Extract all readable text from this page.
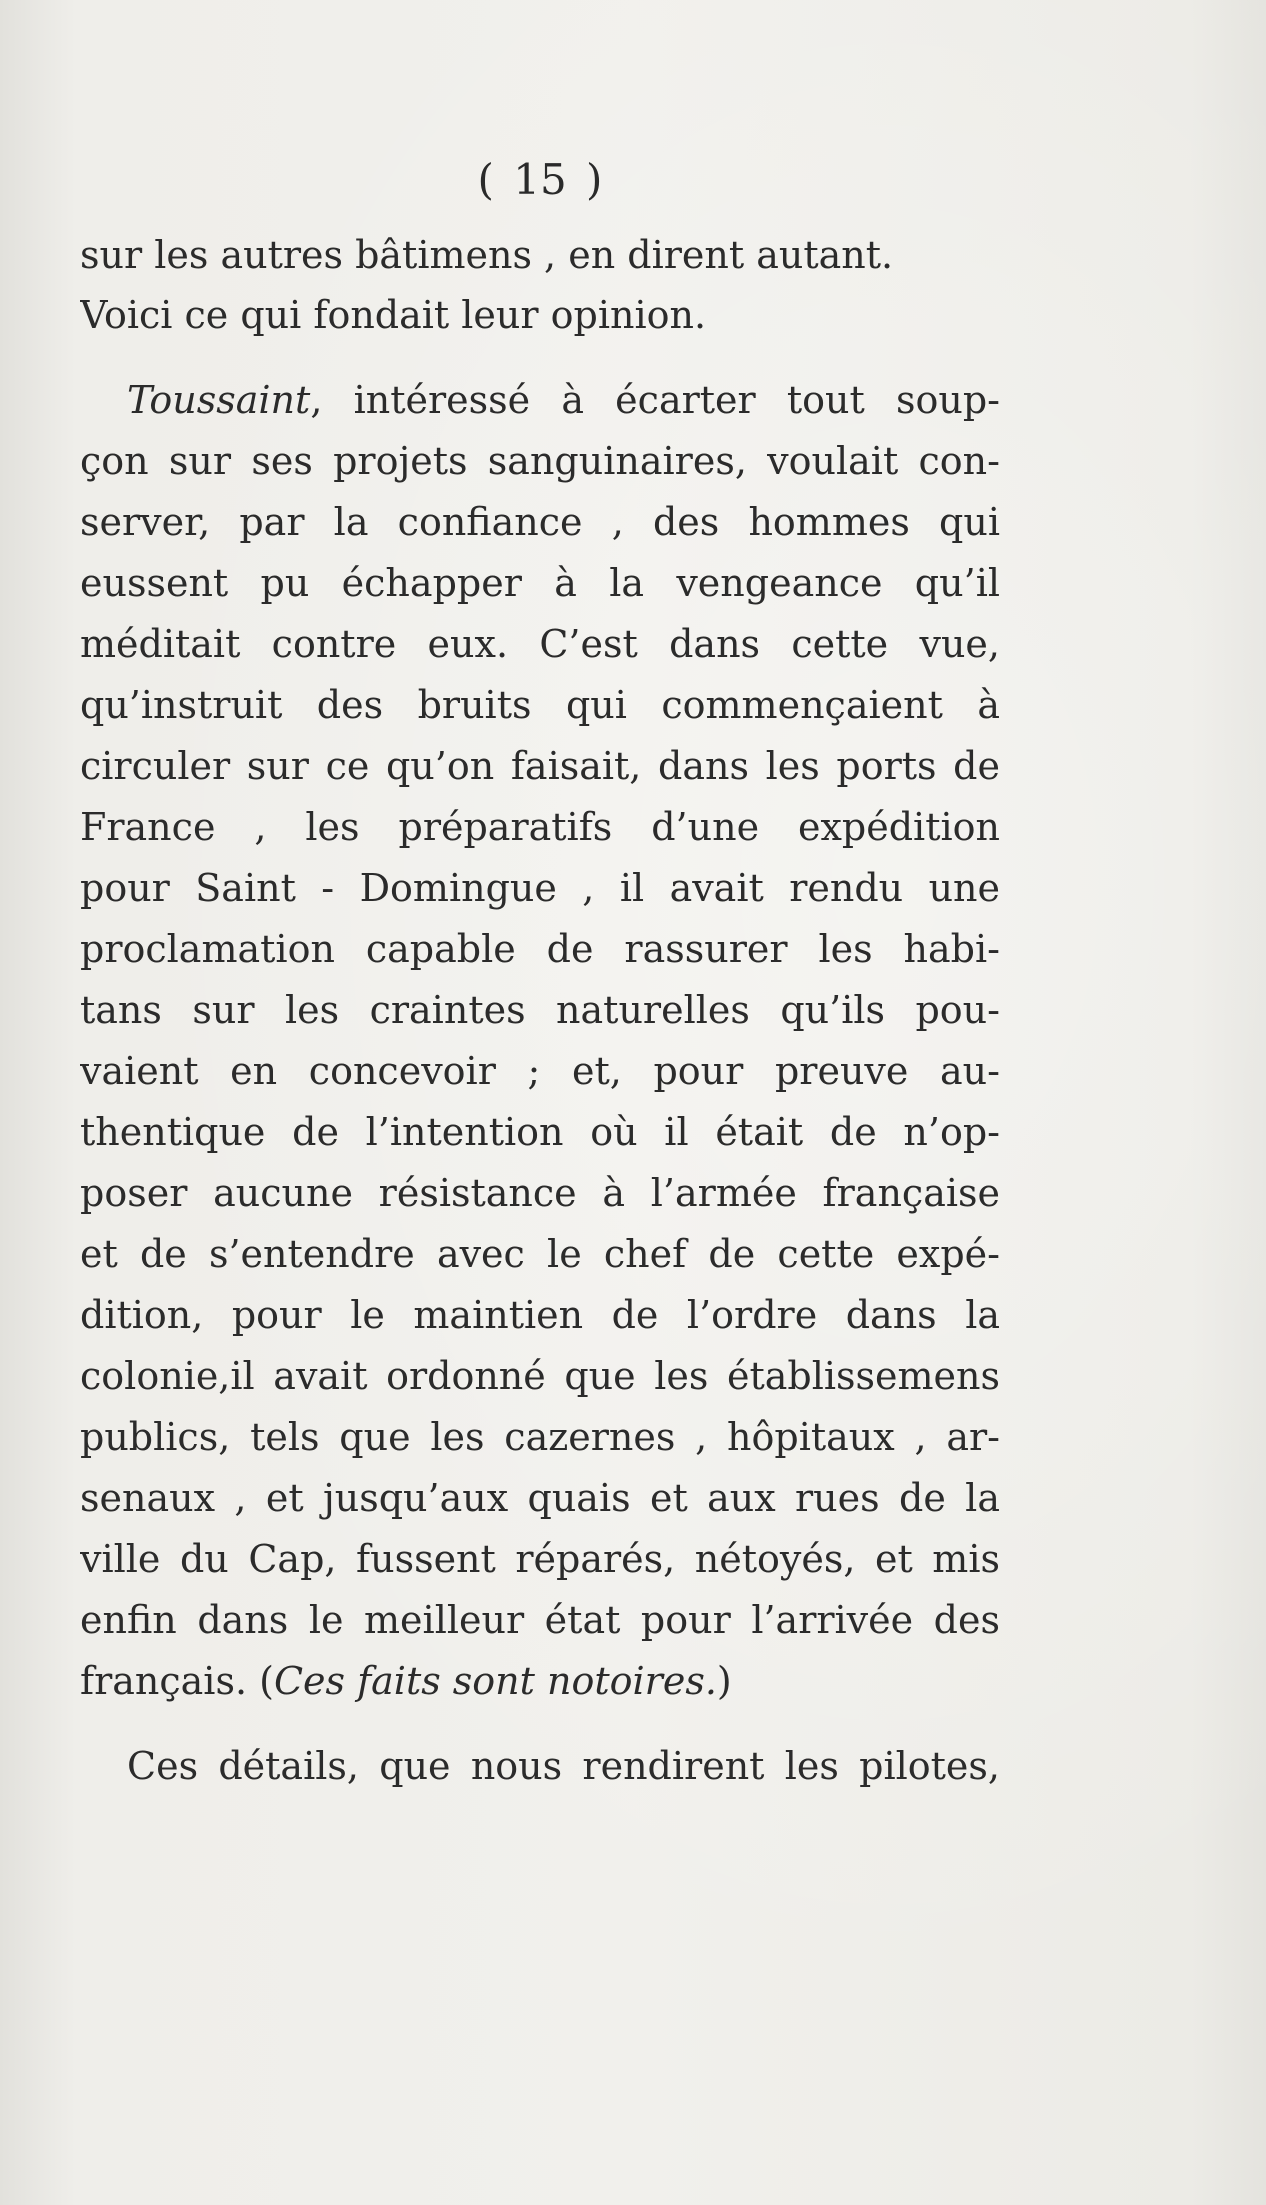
( 15 )
sur les autres bâtimens , en dirent autant.
Voici ce qui fondait leur opinion.
Toussaint, intéressé à écarter tout soup-
çon sur ses projets sanguinaires, voulait con-
server, par la confiance , des hommes qui
eussent pu échapper à la vengeance qu’il
méditait contre eux. C’est dans cette vue,
qu’instruit des bruits qui commençaient à
circuler sur ce qu’on faisait, dans les ports de
France , les préparatifs d’une expédition
pour Saint - Domingue , il avait rendu une
proclamation capable de rassurer les habi-
tans sur les craintes naturelles qu’ils pou-
vaient en concevoir ; et, pour preuve au-
thentique de l’intention où il était de n’op-
poser aucune résistance à l’armée française
et de s’entendre avec le chef de cette expé-
dition, pour le maintien de l’ordre dans la
colonie,il avait ordonné que les établissemens
publics, tels que les cazernes , hôpitaux , ar-
senaux , et jusqu’aux quais et aux rues de la
ville du Cap, fussent réparés, nétoyés, et mis
enfin dans le meilleur état pour l’arrivée des
français. (Ces faits sont notoires.)
Ces détails, que nous rendirent les pilotes,
